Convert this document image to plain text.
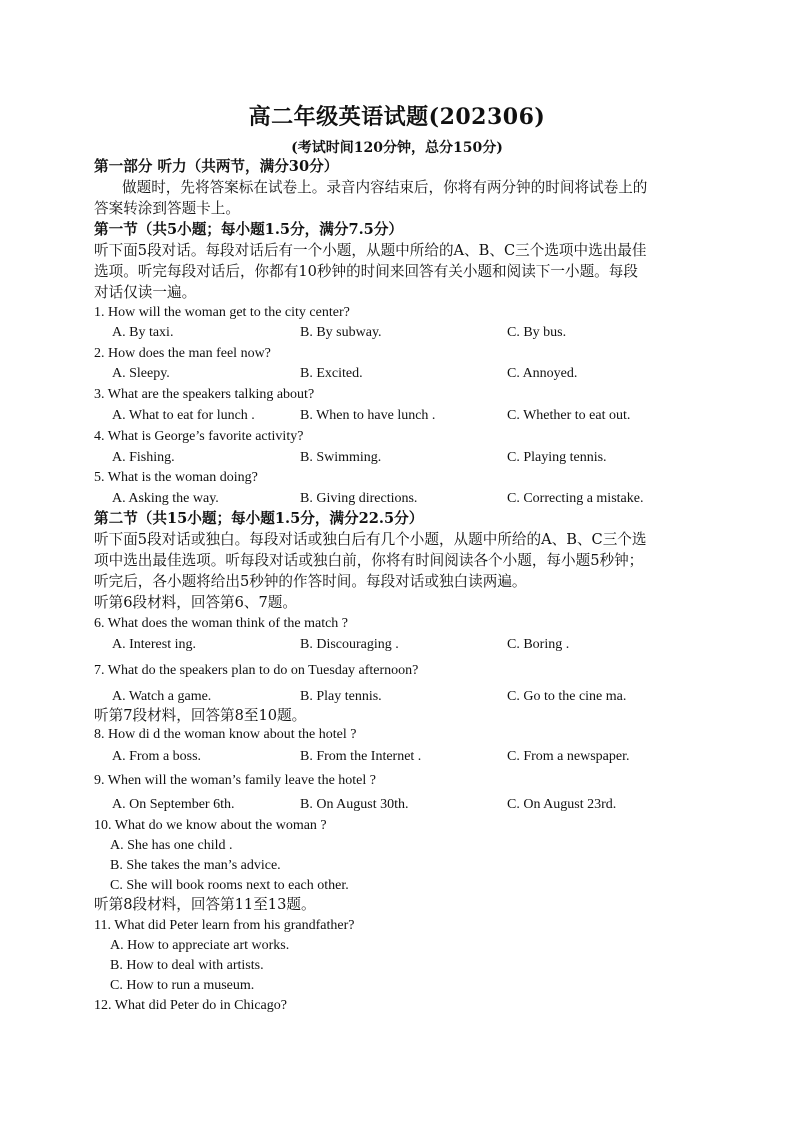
高二年级英语试题(202306)
(考试时间120分钟，总分150分)
第一部分 听力（共两节，满分30分）
做题时，先将答案标在试卷上。录音内容结束后，你将有两分钟的时间将试卷上的
答案转涂到答题卡上。
第一节（共5小题；每小题1.5分，满分7.5分）
听下面5段对话。每段对话后有一个小题，从题中所给的A、B、C三个选项中选出最佳
选项。听完每段对话后，你都有10秒钟的时间来回答有关小题和阅读下一小题。每段
对话仅读一遍。
1. How will the woman get to the city center?
A. By taxi.	B. By subway.	C. By bus.
2. How does the man feel now?
A. Sleepy.	B. Excited.	C. Annoyed.
3. What are the speakers talking about?
A. What to eat for lunch .	B. When to have lunch .	C. Whether to eat out.
4. What is George’s favorite activity?
A. Fishing.	B. Swimming.	C. Playing tennis.
5. What is the woman doing?
A. Asking the way.	B. Giving directions.	C. Correcting a mistake.
第二节（共15小题；每小题1.5分，满分22.5分）
听下面5段对话或独白。每段对话或独白后有几个小题，从题中所给的A、B、C三个选
项中选出最佳选项。听每段对话或独白前，你将有时间阅读各个小题，每小题5秒钟；
听完后，各小题将给出5秒钟的作答时间。每段对话或独白读两遍。
听第6段材料，回答第6、7题。
6. What does the woman think of the match ?
A. Interest ing.	B. Discouraging .	C. Boring .
7. What do the speakers plan to do on Tuesday afternoon?
A. Watch a game.	B. Play tennis.	C. Go to the cine ma.
听第7段材料，回答第8至10题。
8. How di d the woman know about the hotel ?
A. From a boss.	B. From the Internet .	C. From a newspaper.
9. When will the woman’s family leave the hotel ?
A. On September 6th.	B. On August 30th.	C. On August 23rd.
10. What do we know about the woman ?
A. She has one child .
B. She takes the man’s advice.
C. She will book rooms next to each other.
听第8段材料，回答第11至13题。
11. What did Peter learn from his grandfather?
A. How to appreciate art works.
B. How to deal with artists.
C. How to run a museum.
12. What did Peter do in Chicago?
